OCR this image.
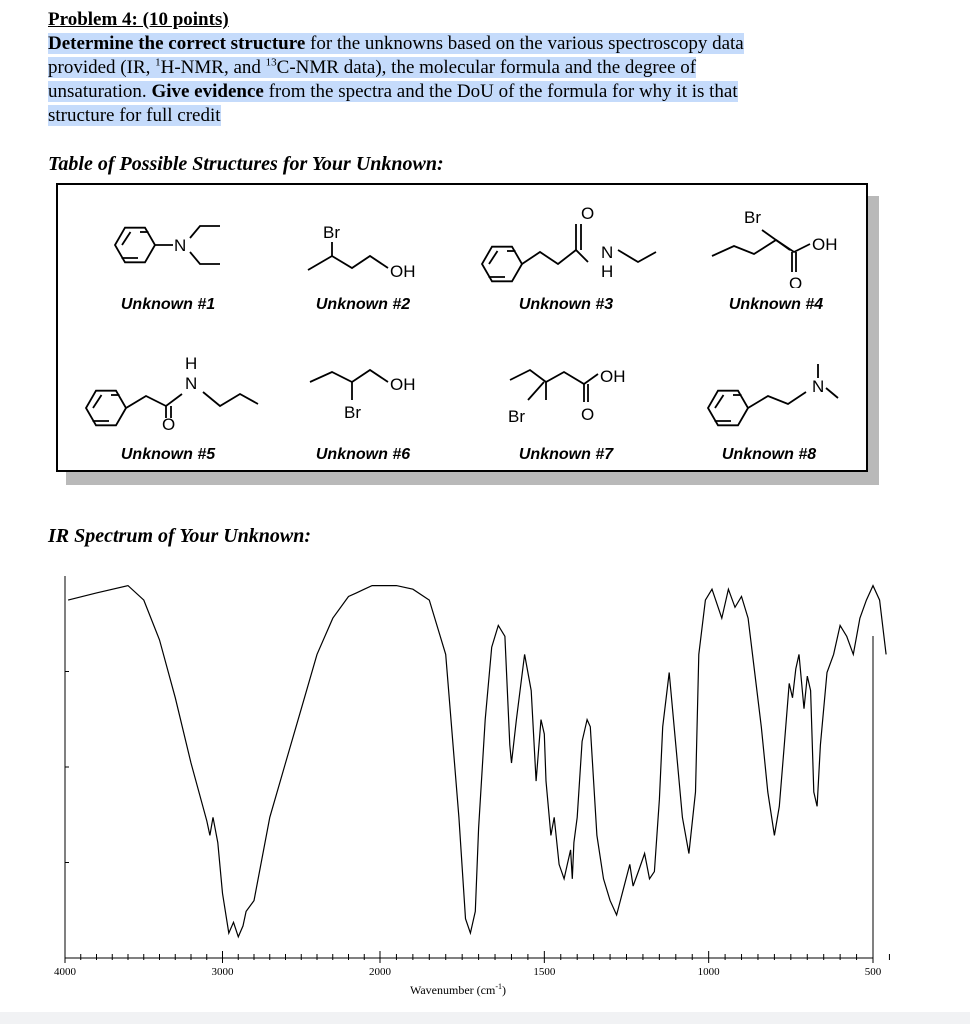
Problem 4: (10 points)
Determine the correct structure for the unknowns based on the various spectroscopy data
provided (IR, $^1$H-NMR, and $^{13}$C-NMR data), the molecular formula and the degree of
unsaturation. Give evidence from the spectra and the DoU of the formula for why it is that
structure for full credit
Table of Possible Structures for Your Unknown:
N
Unknown #1
Br
OH
Unknown #2
O
N
H
Unknown #3
Br
OH
O
Unknown #4
H
N
O
Unknown #5
OH
Br
Unknown #6
OH
Br	O
Unknown #7
N
Unknown #8
IR Spectrum of Your Unknown:
4000	3000	2000	1500	1000	500
Wavenumber $(cm^{-1})$
